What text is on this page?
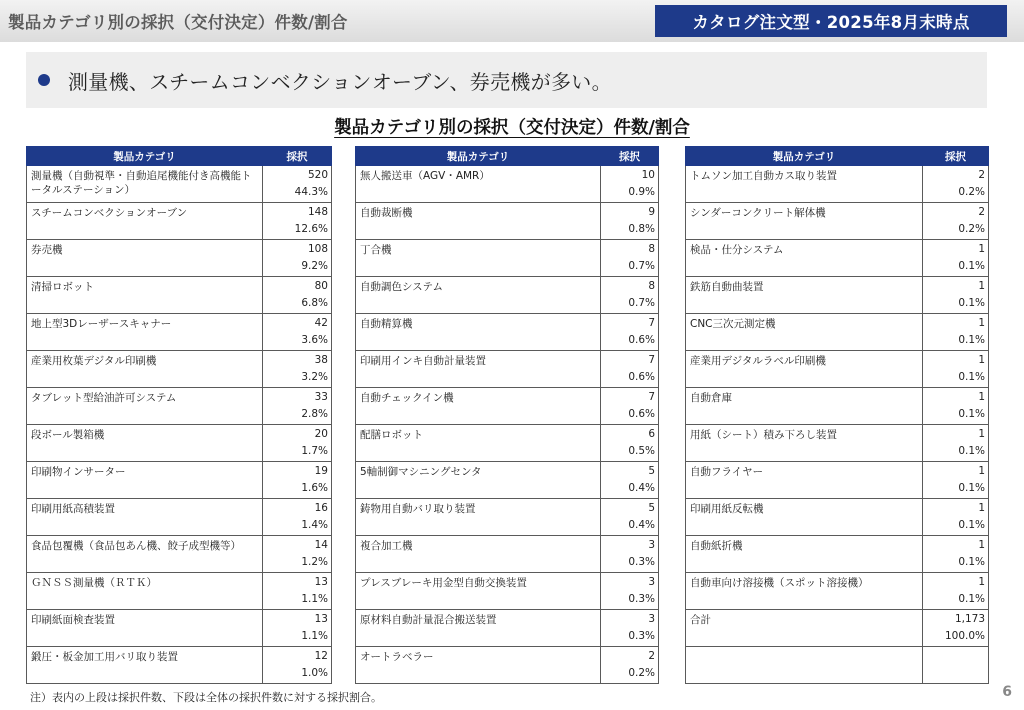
製品カテゴリ別の採択（交付決定）件数/割合	カタログ注文型・2025年8月末時点
測量機、スチームコンベクションオーブン、券売機が多い。
製品カテゴリ別の採択（交付決定）件数/割合
製品カテゴリ	採択
測量機（自動視準・自動追尾機能付き高機能トータルステーション）	520
44.3%

スチームコンベクションオーブン	148
12.6%

券売機	108
9.2%

清掃ロボット	80
6.8%

地上型3Dレーザースキャナー	42
3.6%

産業用枚葉デジタル印刷機	38
3.2%

タブレット型給油許可システム	33
2.8%

段ボール製箱機	20
1.7%

印刷物インサーター	19
1.6%

印刷用紙高積装置	16
1.4%

食品包覆機（食品包あん機、餃子成型機等）	14
1.2%

ＧＮＳＳ測量機（ＲＴＫ）	13
1.1%

印刷紙面検査装置	13
1.1%

鍛圧・板金加工用バリ取り装置	12
1.0%
製品カテゴリ	採択
無人搬送車（AGV・AMR）	10
0.9%

自動裁断機	9
0.8%

丁合機	8
0.7%

自動調色システム	8
0.7%

自動精算機	7
0.6%

印刷用インキ自動計量装置	7
0.6%

自動チェックイン機	7
0.6%

配膳ロボット	6
0.5%

5軸制御マシニングセンタ	5
0.4%

鋳物用自動バリ取り装置	5
0.4%

複合加工機	3
0.3%

プレスブレーキ用金型自動交換装置	3
0.3%

原材料自動計量混合搬送装置	3
0.3%

オートラベラー	2
0.2%
製品カテゴリ	採択
トムソン加工自動カス取り装置	2
0.2%

シンダーコンクリート解体機	2
0.2%

検品・仕分システム	1
0.1%

鉄筋自動曲装置	1
0.1%

CNC三次元測定機	1
0.1%

産業用デジタルラベル印刷機	1
0.1%

自動倉庫	1
0.1%

用紙（シート）積み下ろし装置	1
0.1%

自動フライヤー	1
0.1%

印刷用紙反転機	1
0.1%

自動紙折機	1
0.1%

自動車向け溶接機（スポット溶接機）	1
0.1%

合計	1,173
100.0%

注）表内の上段は採択件数、下段は全体の採択件数に対する採択割合。	6
